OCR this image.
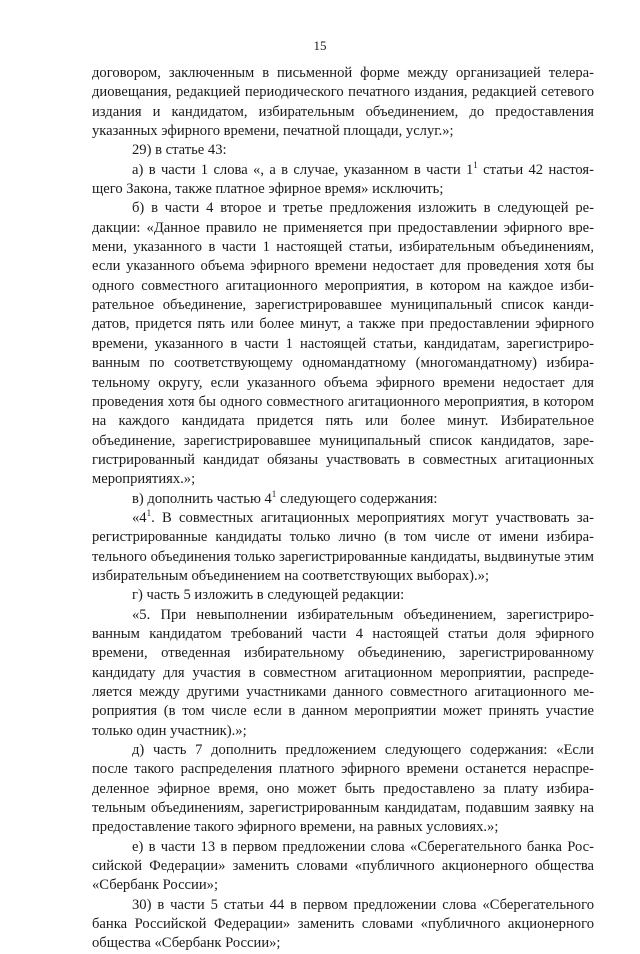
15

договором, заключенным в письменной форме между организацией телерадиовещания, редакцией периодического печатного издания, редакцией сетевого издания и кандидатом, избирательным объединением, до предоставления указанных эфирного времени, печатной площади, услуг.»;

29) в статье 43:

а) в части 1 слова «, а в случае, указанном в части $1^1$ статьи 42 настоящего Закона, также платное эфирное время» исключить;

б) в части 4 второе и третье предложения изложить в следующей редакции: «Данное правило не применяется при предоставлении эфирного времени, указанного в части 1 настоящей статьи, избирательным объединениям, если указанного объема эфирного времени недостает для проведения хотя бы одного совместного агитационного мероприятия, в котором на каждое избирательное объединение, зарегистрировавшее муниципальный список кандидатов, придется пять или более минут, а также при предоставлении эфирного времени, указанного в части 1 настоящей статьи, кандидатам, зарегистрированным по соответствующему одномандатному (многомандатному) избирательному округу, если указанного объема эфирного времени недостает для проведения хотя бы одного совместного агитационного мероприятия, в котором на каждого кандидата придется пять или более минут. Избирательное объединение, зарегистрировавшее муниципальный список кандидатов, зарегистрированный кандидат обязаны участвовать в совместных агитационных мероприятиях.»;

в) дополнить частью $4^1$ следующего содержания:

«$4^1$. В совместных агитационных мероприятиях могут участвовать зарегистрированные кандидаты только лично (в том числе от имени избирательного объединения только зарегистрированные кандидаты, выдвинутые этим избирательным объединением на соответствующих выборах).»;

г) часть 5 изложить в следующей редакции:

«5. При невыполнении избирательным объединением, зарегистрированным кандидатом требований части 4 настоящей статьи доля эфирного времени, отведенная избирательному объединению, зарегистрированному кандидату для участия в совместном агитационном мероприятии, распределяется между другими участниками данного совместного агитационного мероприятия (в том числе если в данном мероприятии может принять участие только один участник).»;

д) часть 7 дополнить предложением следующего содержания: «Если после такого распределения платного эфирного времени останется нераспределенное эфирное время, оно может быть предоставлено за плату избирательным объединениям, зарегистрированным кандидатам, подавшим заявку на предоставление такого эфирного времени, на равных условиях.»;

е) в части 13 в первом предложении слова «Сберегательного банка Российской Федерации» заменить словами «публичного акционерного общества «Сбербанк России»;

30) в части 5 статьи 44 в первом предложении слова «Сберегательного банка Российской Федерации» заменить словами «публичного акционерного общества «Сбербанк России»;
